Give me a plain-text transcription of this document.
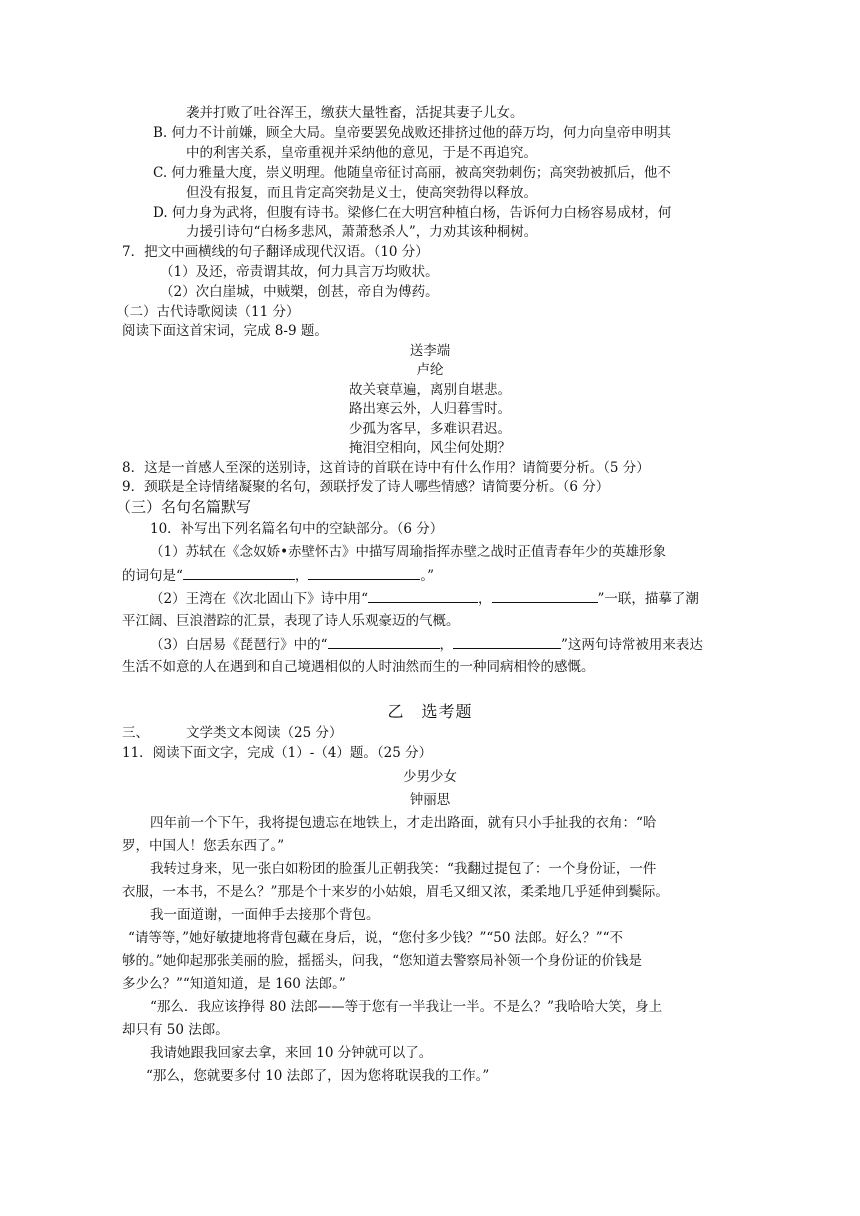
袭并打败了吐谷浑王，缴获大量牲畜，活捉其妻子儿女。
B. 何力不计前嫌，顾全大局。皇帝要罢免战败还排挤过他的薛万均，何力向皇帝申明其
中的利害关系，皇帝重视并采纳他的意见，于是不再追究。
C. 何力雅量大度，崇义明理。他随皇帝征讨高丽，被高突勃刺伤；高突勃被抓后，他不
但没有报复，而且肯定高突勃是义士，使高突勃得以释放。
D. 何力身为武将，但腹有诗书。梁修仁在大明宫种植白杨，告诉何力白杨容易成材，何
力援引诗句“白杨多悲风，萧萧愁杀人”，力劝其该种桐树。
7．把文中画横线的句子翻译成现代汉语。（10 分）
（1）及还，帝责谓其故，何力具言万均败状。
（2）次白崖城，中贼槊，创甚，帝自为傅药。
（二）古代诗歌阅读（11 分）
阅读下面这首宋词，完成 8-9 题。
送李端
卢纶
故关衰草遍，离别自堪悲。
路出寒云外，人归暮雪时。
少孤为客早，多难识君迟。
掩泪空相向，风尘何处期？
8．这是一首感人至深的送别诗，这首诗的首联在诗中有什么作用？请简要分析。（5 分）
9．颈联是全诗情绪凝聚的名句，颈联抒发了诗人哪些情感？请简要分析。（6 分）
（三）名句名篇默写
10．补写出下列名篇名句中的空缺部分。（6 分）
（1）苏轼在《念奴娇•赤壁怀古》中描写周瑜指挥赤壁之战时正值青春年少的英雄形象
的词句是“	，	。”
（2）王湾在《次北固山下》诗中用“	，	”一联，描摹了潮
平江阔、巨浪潜踪的汇景，表现了诗人乐观豪迈的气概。
（3）白居易《琵琶行》中的“	，	”这两句诗常被用来表达
生活不如意的人在遇到和自己境遇相似的人时油然而生的一种同病相怜的感慨。
乙　选考题
三、	文学类文本阅读（25 分）
11．阅读下面文字，完成（1）-（4）题。（25 分）
少男少女
钟丽思
四年前一个下午，我将提包遗忘在地铁上，才走出路面，就有只小手扯我的衣角：“哈
罗，中国人！您丢东西了。”
我转过身来，见一张白如粉团的脸蛋儿正朝我笑：“我翻过提包了：一个身份证，一件
衣服，一本书，不是么？”那是个十来岁的小姑娘，眉毛又细又浓，柔柔地几乎延伸到鬓际。
我一面道谢，一面伸手去接那个背包。
“请等等，”她好敏捷地将背包藏在身后，说，“您付多少钱？”“50 法郎。好么？”“不
够的。”她仰起那张美丽的脸，摇摇头，问我，“您知道去警察局补领一个身份证的价钱是
多少么？”“知道知道，是 160 法郎。”
“那么．我应该挣得 80 法郎——等于您有一半我让一半。不是么？”我哈哈大笑，身上
却只有 50 法郎。
我请她跟我回家去拿，来回 10 分钟就可以了。
“那么，您就要多付 10 法郎了，因为您将耽误我的工作。”
